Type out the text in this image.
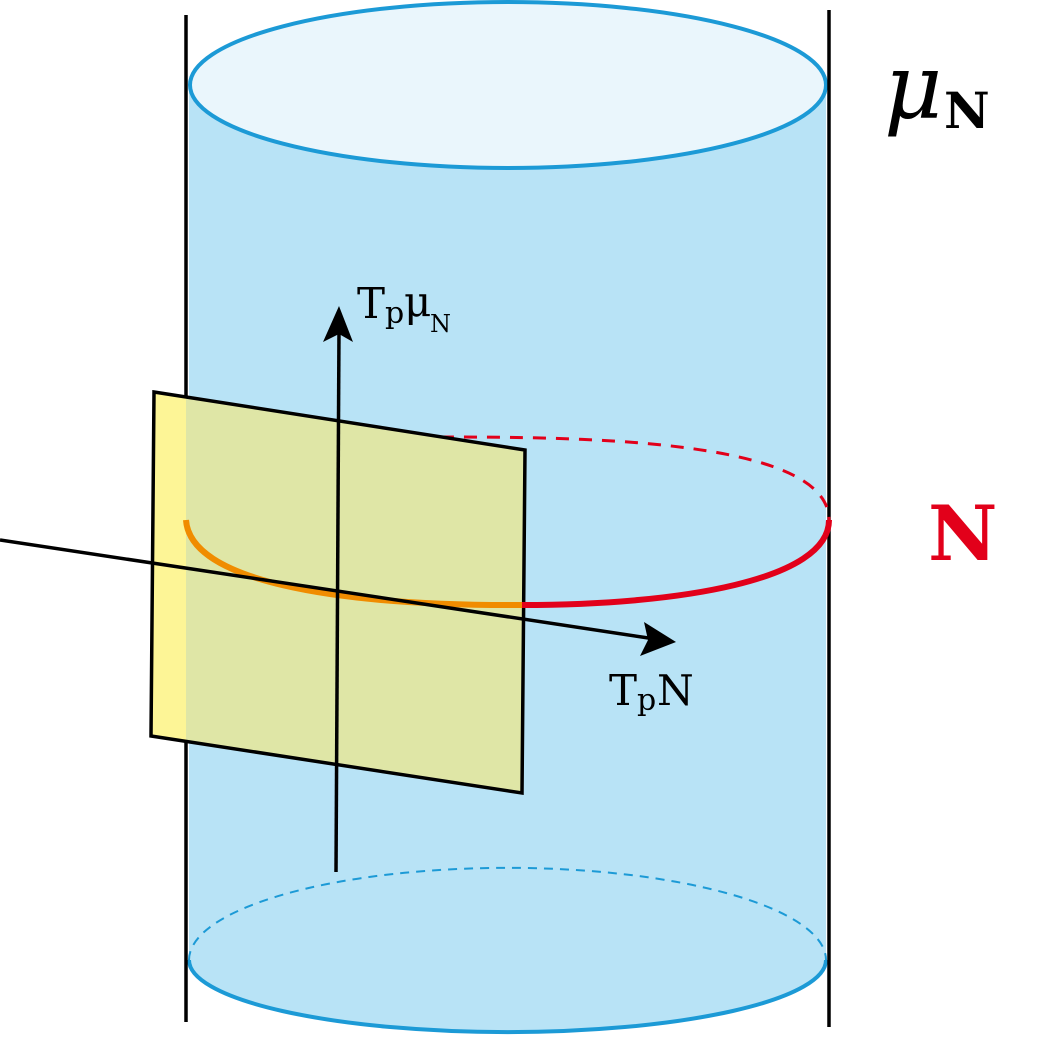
μ N
N
T p μ
N
T p N
